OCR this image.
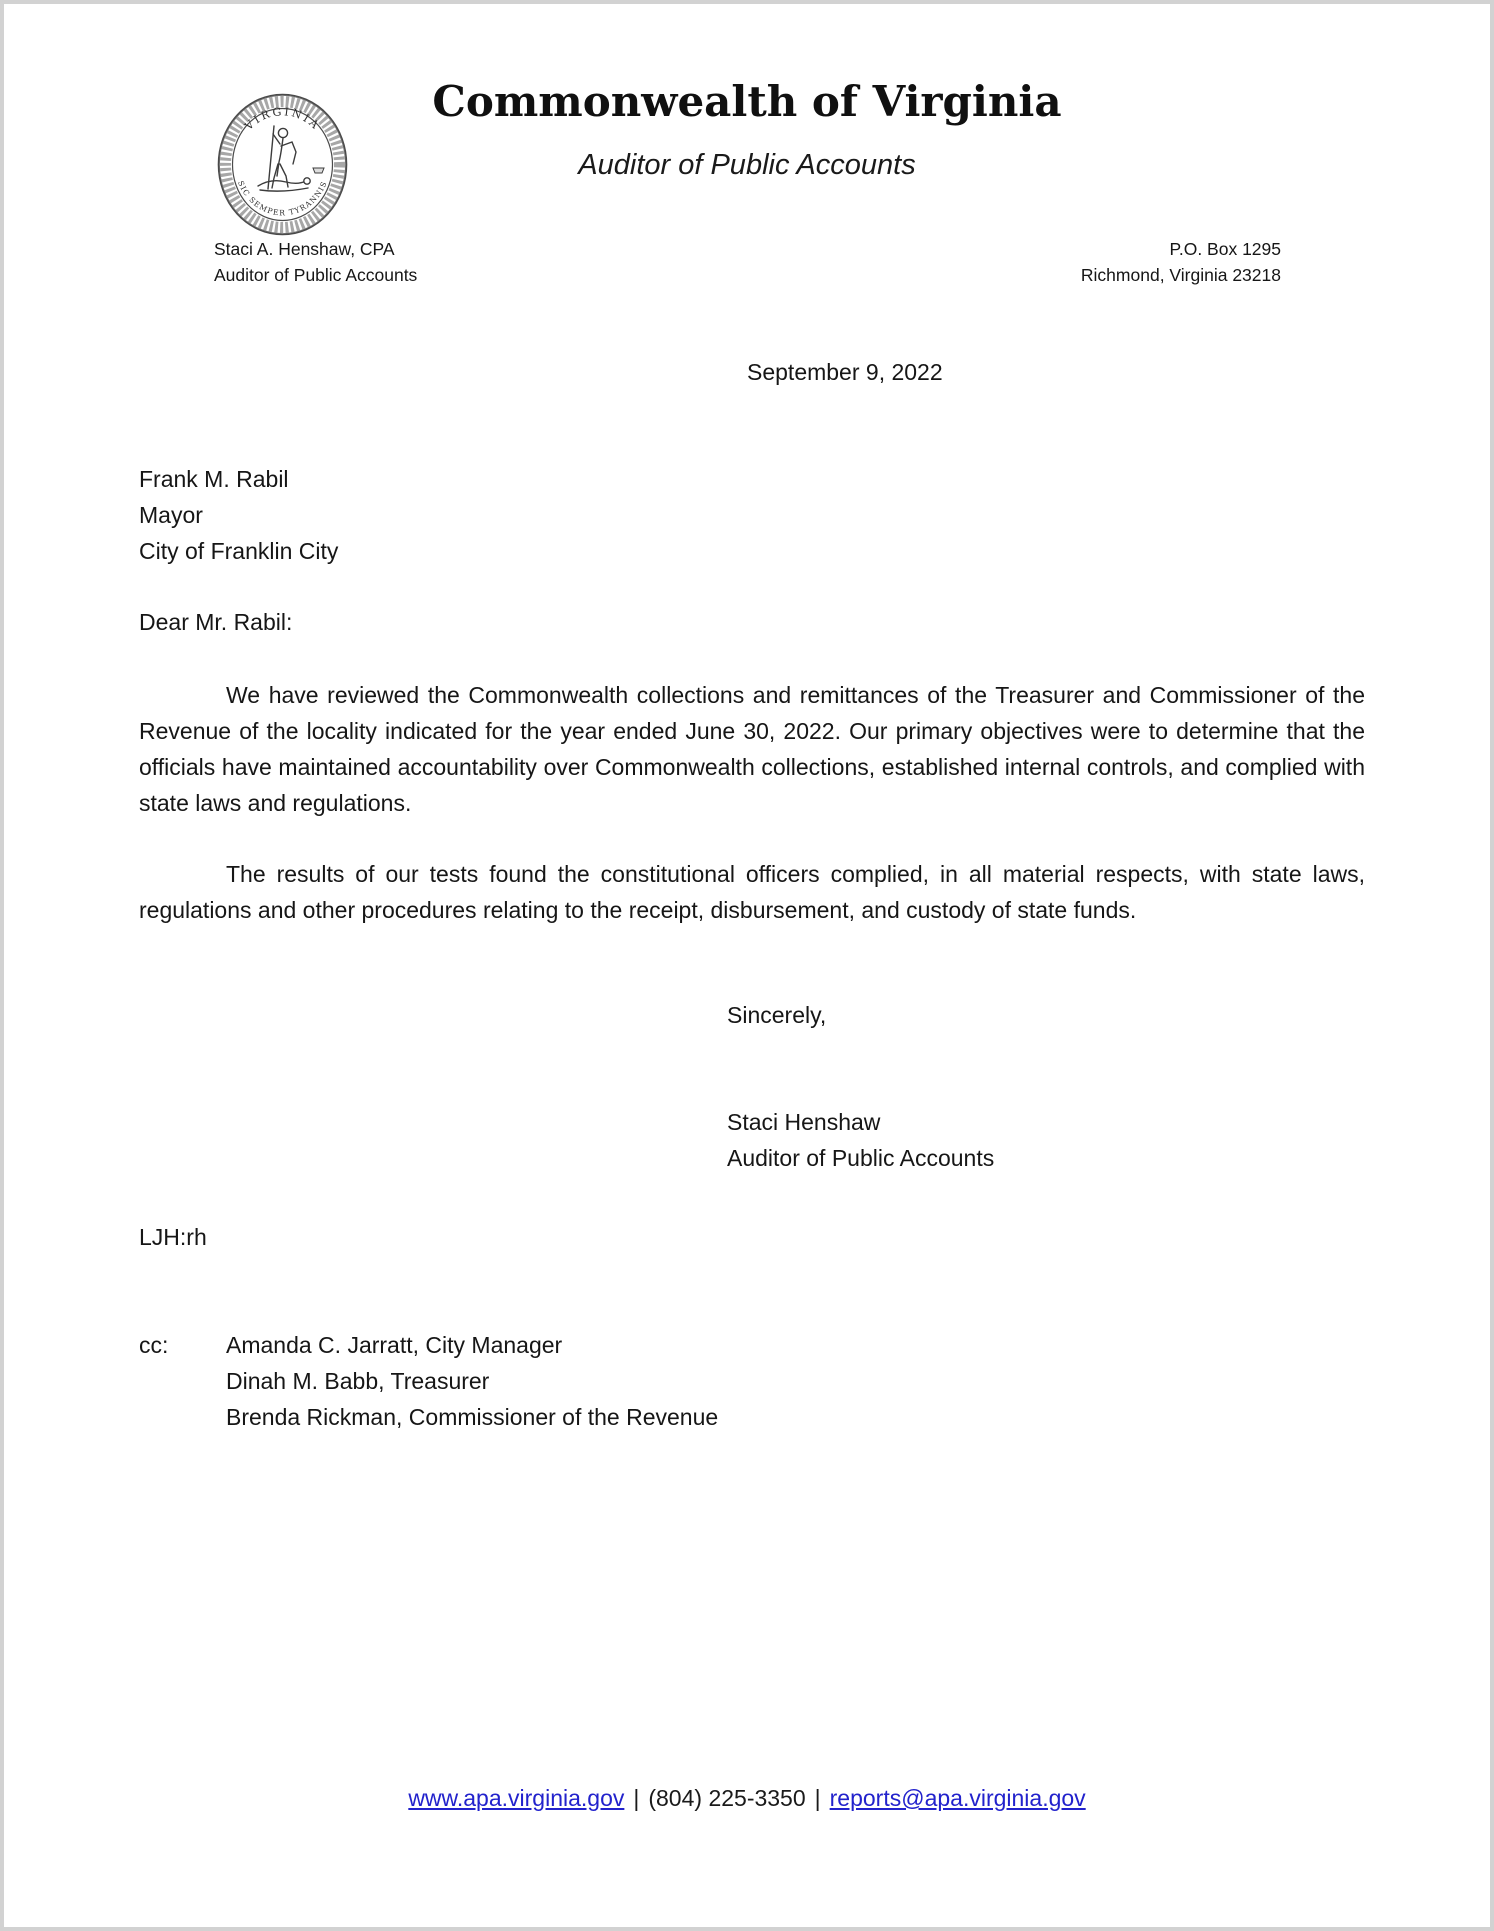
VIRGINIA
SIC SEMPER TYRANNIS
Commonwealth of Virginia
Auditor of Public Accounts
Staci A. Henshaw, CPA
Auditor of Public Accounts
P.O. Box 1295
Richmond, Virginia 23218
September 9, 2022
Frank M. Rabil
Mayor
City of Franklin City
Dear Mr. Rabil:

We have reviewed the Commonwealth collections and remittances of the Treasurer and Commissioner of the Revenue of the locality indicated for the year ended June 30, 2022. Our primary objectives were to determine that the officials have maintained accountability over Commonwealth collections, established internal controls, and complied with state laws and regulations.

The results of our tests found the constitutional officers complied, in all material respects, with state laws, regulations and other procedures relating to the receipt, disbursement, and custody of state funds.

Sincerely,
Staci Henshaw
Auditor of Public Accounts
LJH:rh
cc:	Amanda C. Jarratt, City Manager
Dinah M. Babb, Treasurer
Brenda Rickman, Commissioner of the Revenue
www.apa.virginia.gov | (804) 225-3350 | reports@apa.virginia.gov
